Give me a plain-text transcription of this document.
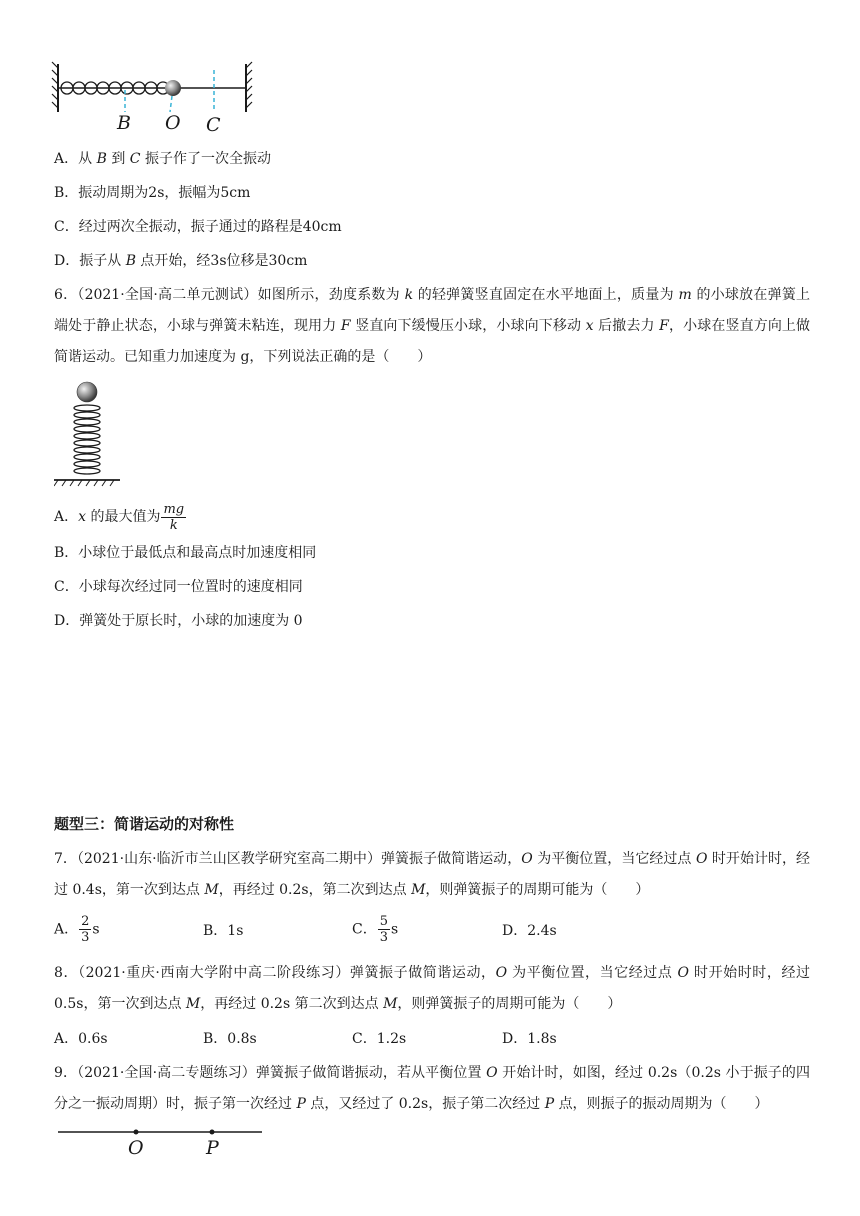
B O C
A．从 B 到 C 振子作了一次全振动
B．振动周期为2s，振幅为5cm
C．经过两次全振动，振子通过的路程是40cm
D．振子从 B 点开始，经3s位移是30cm
6．（2021·全国·高二单元测试）如图所示，劲度系数为 k 的轻弹簧竖直固定在水平地面上，质量为 m 的小球放在弹簧上端处于静止状态，小球与弹簧未粘连，现用力 F 竖直向下缓慢压小球，小球向下移动 x 后撤去力 F，小球在竖直方向上做简谐运动。已知重力加速度为 g，下列说法正确的是（　　）
A．x 的最大值为 $\frac{mg}{k}$
B．小球位于最低点和最高点时加速度相同
C．小球每次经过同一位置时的速度相同
D．弹簧处于原长时，小球的加速度为 0
题型三：简谐运动的对称性
7．（2021·山东·临沂市兰山区教学研究室高二期中）弹簧振子做简谐运动，O 为平衡位置，当它经过点 O 时开始计时，经过 0.4s，第一次到达点 M，再经过 0.2s，第二次到达点 M，则弹簧振子的周期可能为（　　）
A． $\frac{2}{3}$ s	B．1s	C． $\frac{5}{3}$ s	D．2.4s
8．（2021·重庆·西南大学附中高二阶段练习）弹簧振子做简谐运动，O 为平衡位置，当它经过点 O 时开始时时，经过 0.5s，第一次到达点 M，再经过 0.2s 第二次到达点 M，则弹簧振子的周期可能为（　　）
A．0.6s	B．0.8s	C．1.2s	D．1.8s
9．（2021·全国·高二专题练习）弹簧振子做简谐振动，若从平衡位置 O 开始计时，如图，经过 0.2s（0.2s 小于振子的四分之一振动周期）时，振子第一次经过 P 点，又经过了 0.2s，振子第二次经过 P 点，则振子的振动周期为（　　）
O	P
